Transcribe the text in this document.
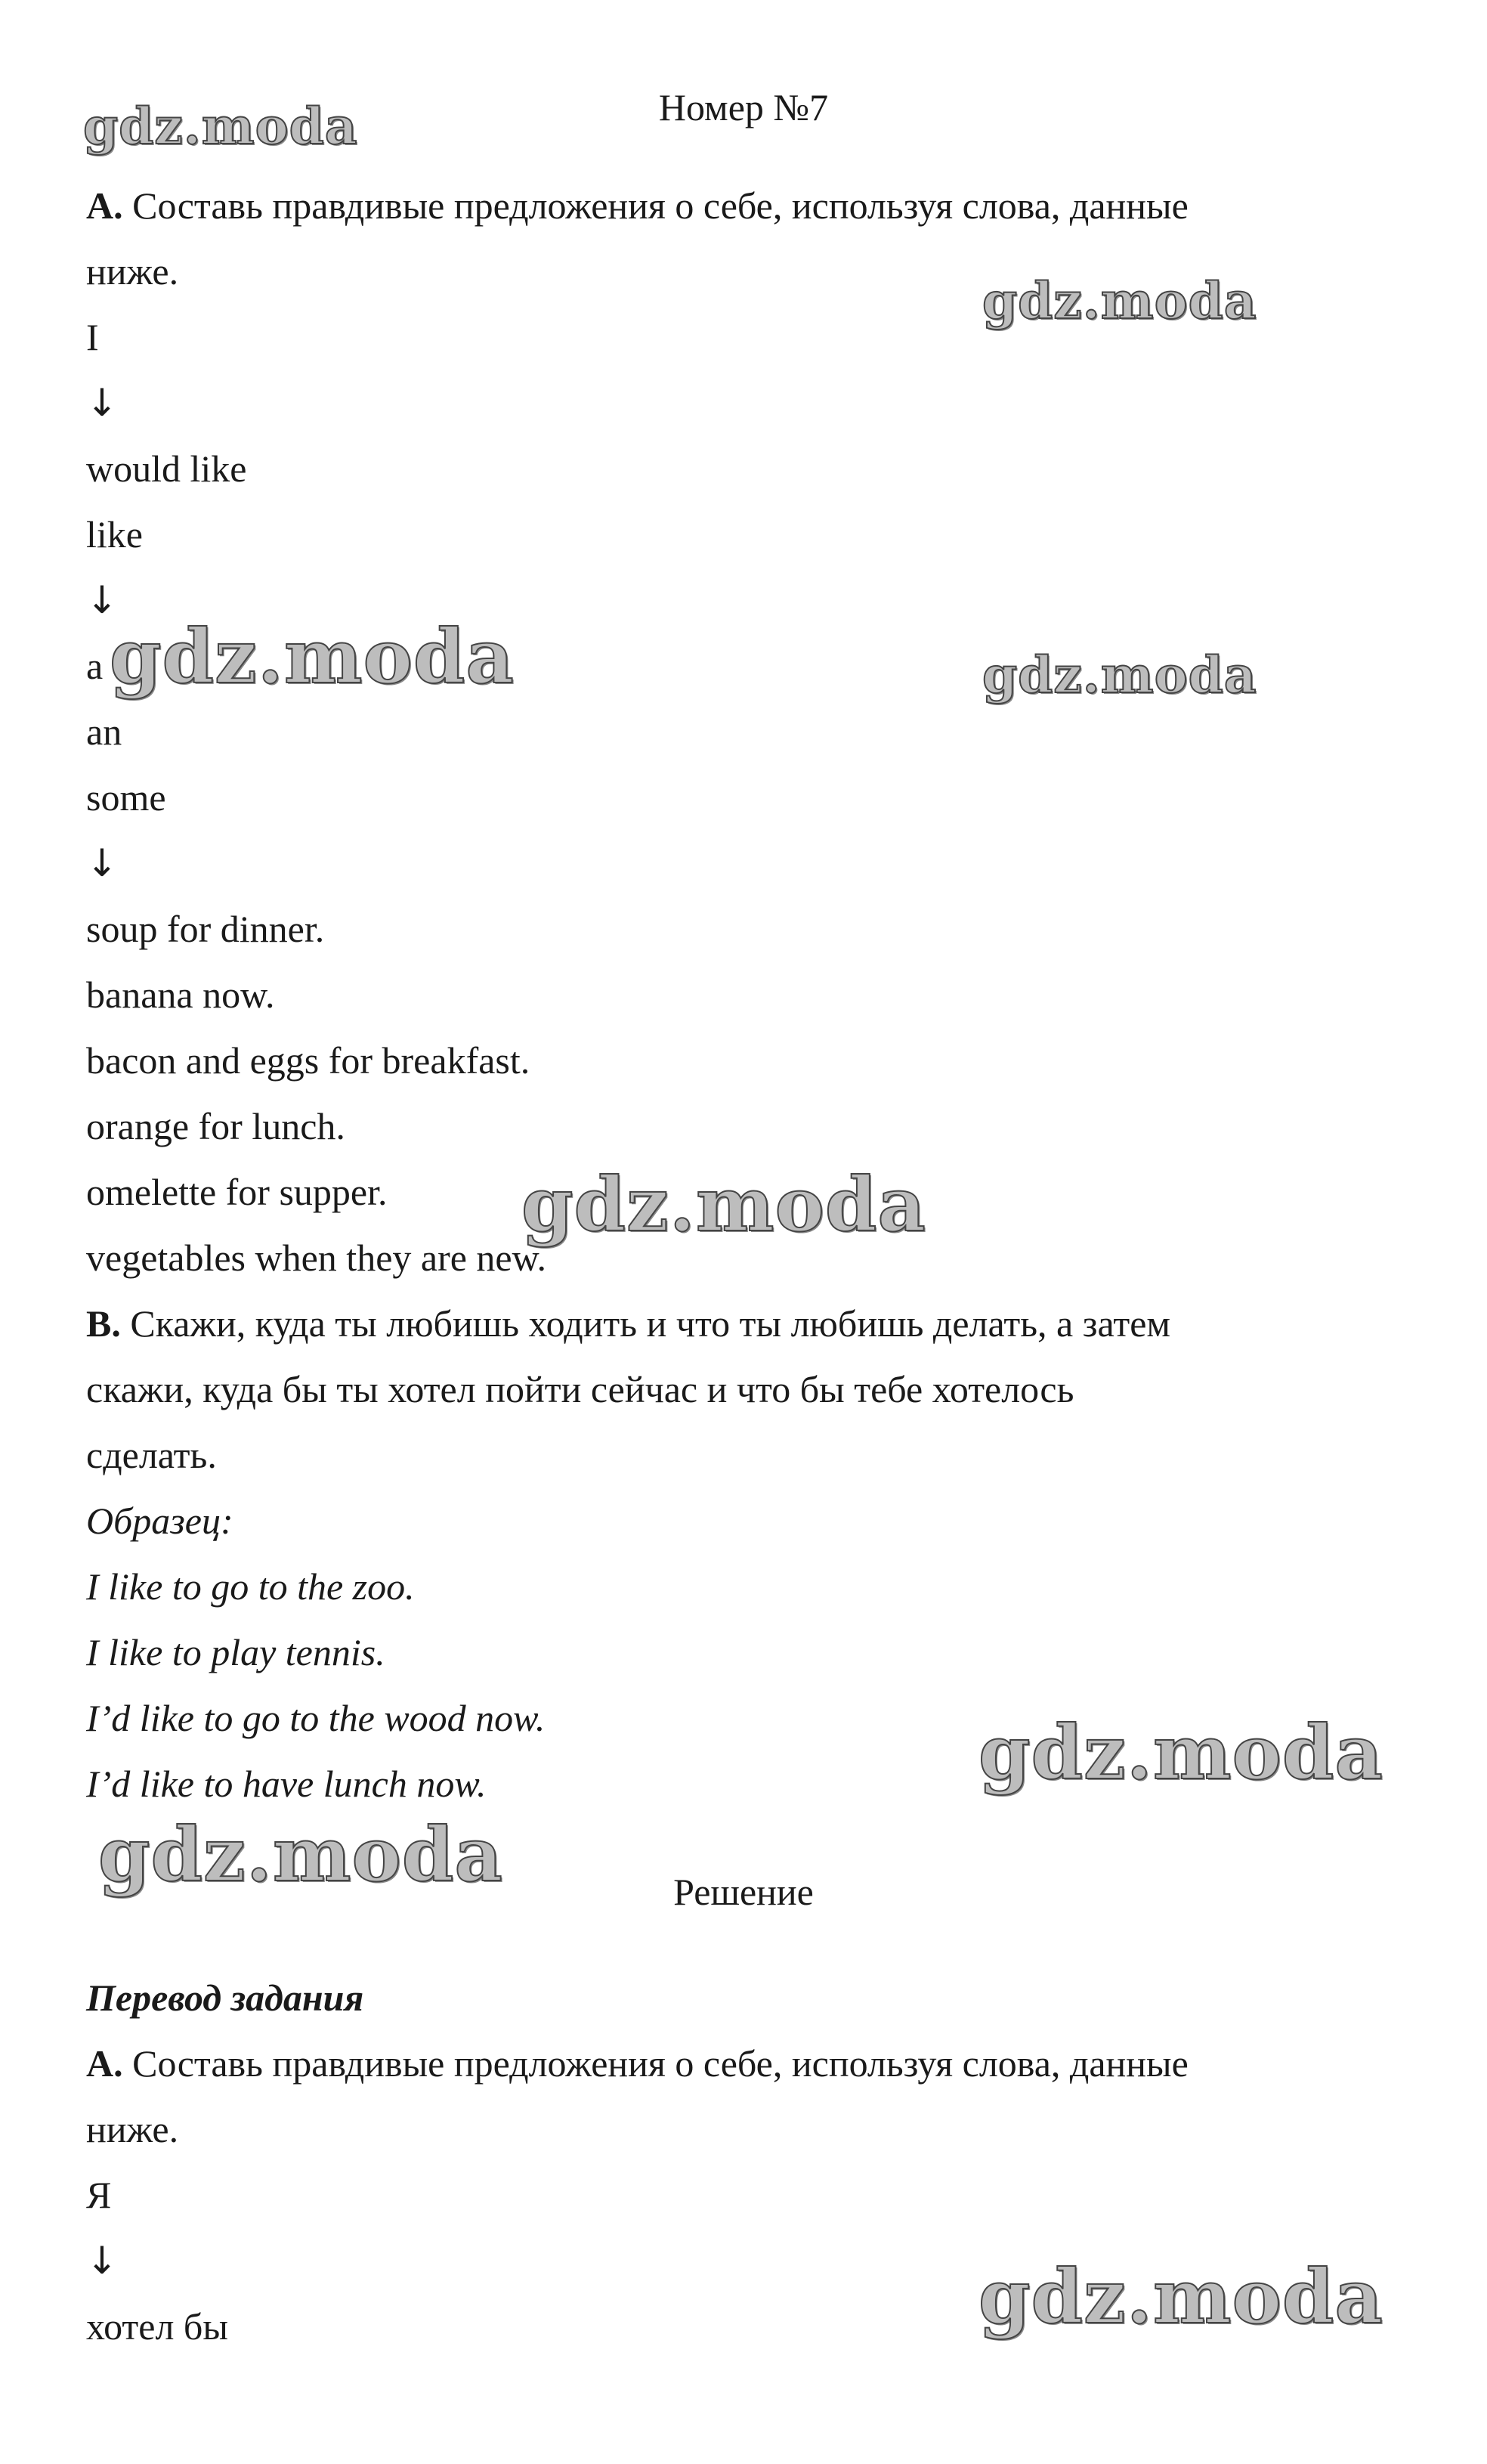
Номер №7
A. Составь правдивые предложения о себе, используя слова, данные
ниже.
I
↓
would like
like
↓
a
an
some
↓
soup for dinner.
banana now.
bacon and eggs for breakfast.
orange for lunch.
omelette for supper.
vegetables when they are new.
B. Скажи, куда ты любишь ходить и что ты любишь делать, а затем
скажи, куда бы ты хотел пойти сейчас и что бы тебе хотелось
сделать.
Образец:
I like to go to the zoo.
I like to play tennis.
I’d like to go to the wood now.
I’d like to have lunch now.
Решение
Перевод задания
A. Составь правдивые предложения о себе, используя слова, данные
ниже.
Я
↓
хотел бы
gdz.moda
gdz.moda
gdz.moda	gdz.moda
gdz.moda
gdz.moda
gdz.moda
gdz.moda
